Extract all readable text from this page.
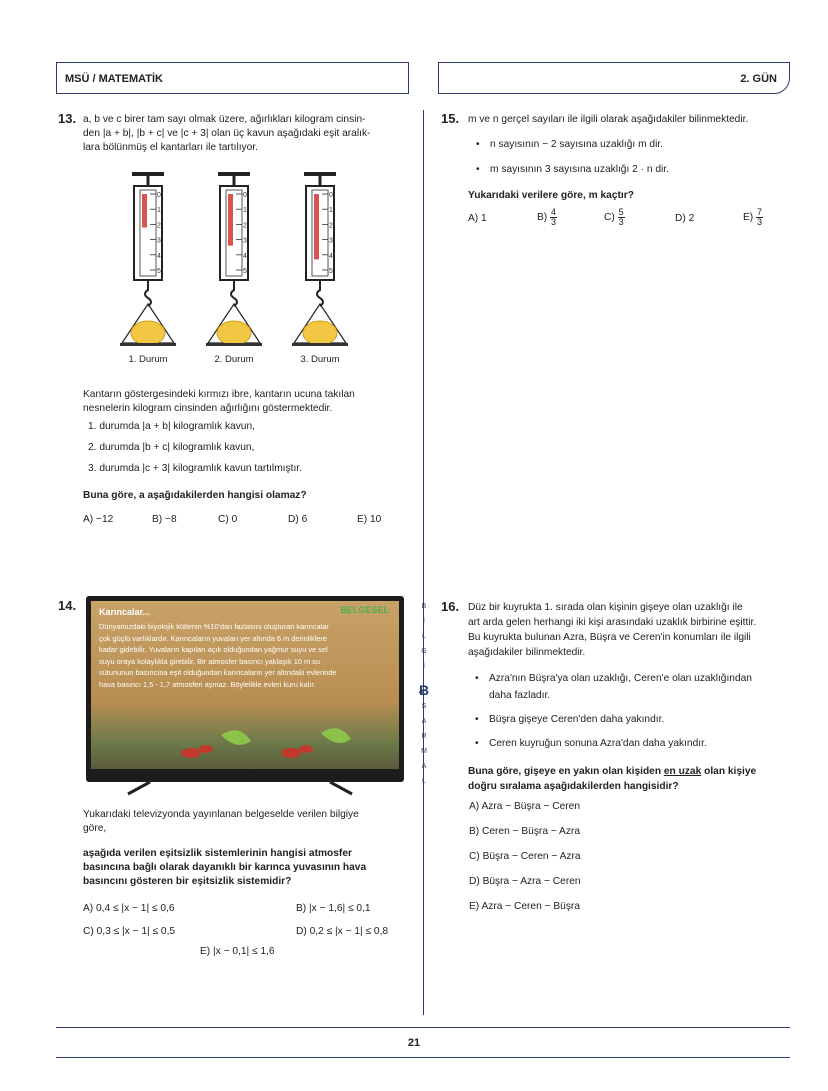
MSÜ / MATEMATİK	2. GÜN
13. a, b ve c birer tam sayı olmak üzere, ağırlıkları kilogram cinsin-
den |a + b|, |b + c| ve |c + 3| olan üç kavun aşağıdaki eşit aralık-
lara bölünmüş el kantarları ile tartılıyor.
0
1
2
3
4
5
1. Durum
0
1
2
3
4
5
2. Durum
0
1
2
3
4
5
3. Durum
Kantarın göstergesindeki kırmızı ibre, kantarın ucuna takılan
nesnelerin kilogram cinsinden ağırlığını göstermektedir.
1. durumda |a + b| kilogramlık kavun,
2. durumda |b + c| kilogramlık kavun,
3. durumda |c + 3| kilogramlık kavun tartılmıştır.
Buna göre, a aşağıdakilerden hangisi olamaz?
A) −12	B) −8	C) 0	D) 6	E) 10
14.	Karıncalar...	BELGESEL
Dünyamızdaki biyolojik kütlenin %10'dan fazlasını oluşturan karıncalar
çok güçlü varlıklardır. Karıncaların yuvaları yer altında 6 m derinliklere
kadar gidebilir. Yuvaların kapıları açık olduğundan yağmur suyu ve sel
suyu oraya kolaylıkla girebilir. Bir atmosfer basıncı yaklaşık 10 m su
sütununun basıncına eşit olduğundan karıncaların yer altındaki evlerinde
hava basıncı 1,5 - 1,7 atmosferi aşmaz. Böylelikle evleri kuru kalır.
Yukarıdaki televizyonda yayınlanan belgeselde verilen bilgiye
göre,
aşağıda verilen eşitsizlik sistemlerinin hangisi atmosfer
basıncına bağlı olarak dayanıklı bir karınca yuvasının hava
basıncını gösteren bir eşitsizlik sistemidir?
A) 0,4 ≤ |x − 1| ≤ 0,6	B) |x − 1,6| ≤ 0,1
C) 0,3 ≤ |x − 1| ≤ 0,5	D) 0,2 ≤ |x − 1| ≤ 0,8
E) |x − 0,1| ≤ 1,6
B
İ
L
G
İ
Ƀ
S
A
R
M
A
L
15. m ve n gerçel sayıları ile ilgili olarak aşağıdakiler bilinmektedir.
• n sayısının − 2 sayısına uzaklığı m dir.
• m sayısının 3 sayısına uzaklığı 2 · n dir.
Yukarıdaki verilere göre, m kaçtır?
A) 1	$B) \frac{4}{3}$	$C) \frac{5}{3}$	D) 2	$E) \frac{7}{3}$
16. Düz bir kuyrukta 1. sırada olan kişinin gişeye olan uzaklığı ile
art arda gelen herhangi iki kişi arasındaki uzaklık birbirine eşittir.
Bu kuyrukta bulunan Azra, Büşra ve Ceren'in konumları ile ilgili
aşağıdakiler bilinmektedir.
• Azra'nın Büşra'ya olan uzaklığı, Ceren'e olan uzaklığından
daha fazladır.
• Büşra gişeye Ceren'den daha yakındır.
• Ceren kuyruğun sonuna Azra'dan daha yakındır.
Buna göre, gişeye en yakın olan kişiden en uzak olan kişiye
doğru sıralama aşağıdakilerden hangisidir?
A) Azra − Büşra − Ceren
B) Ceren − Büşra − Azra
C) Büşra − Ceren − Azra
D) Büşra − Azra − Ceren
E) Azra − Ceren − Büşra
21
